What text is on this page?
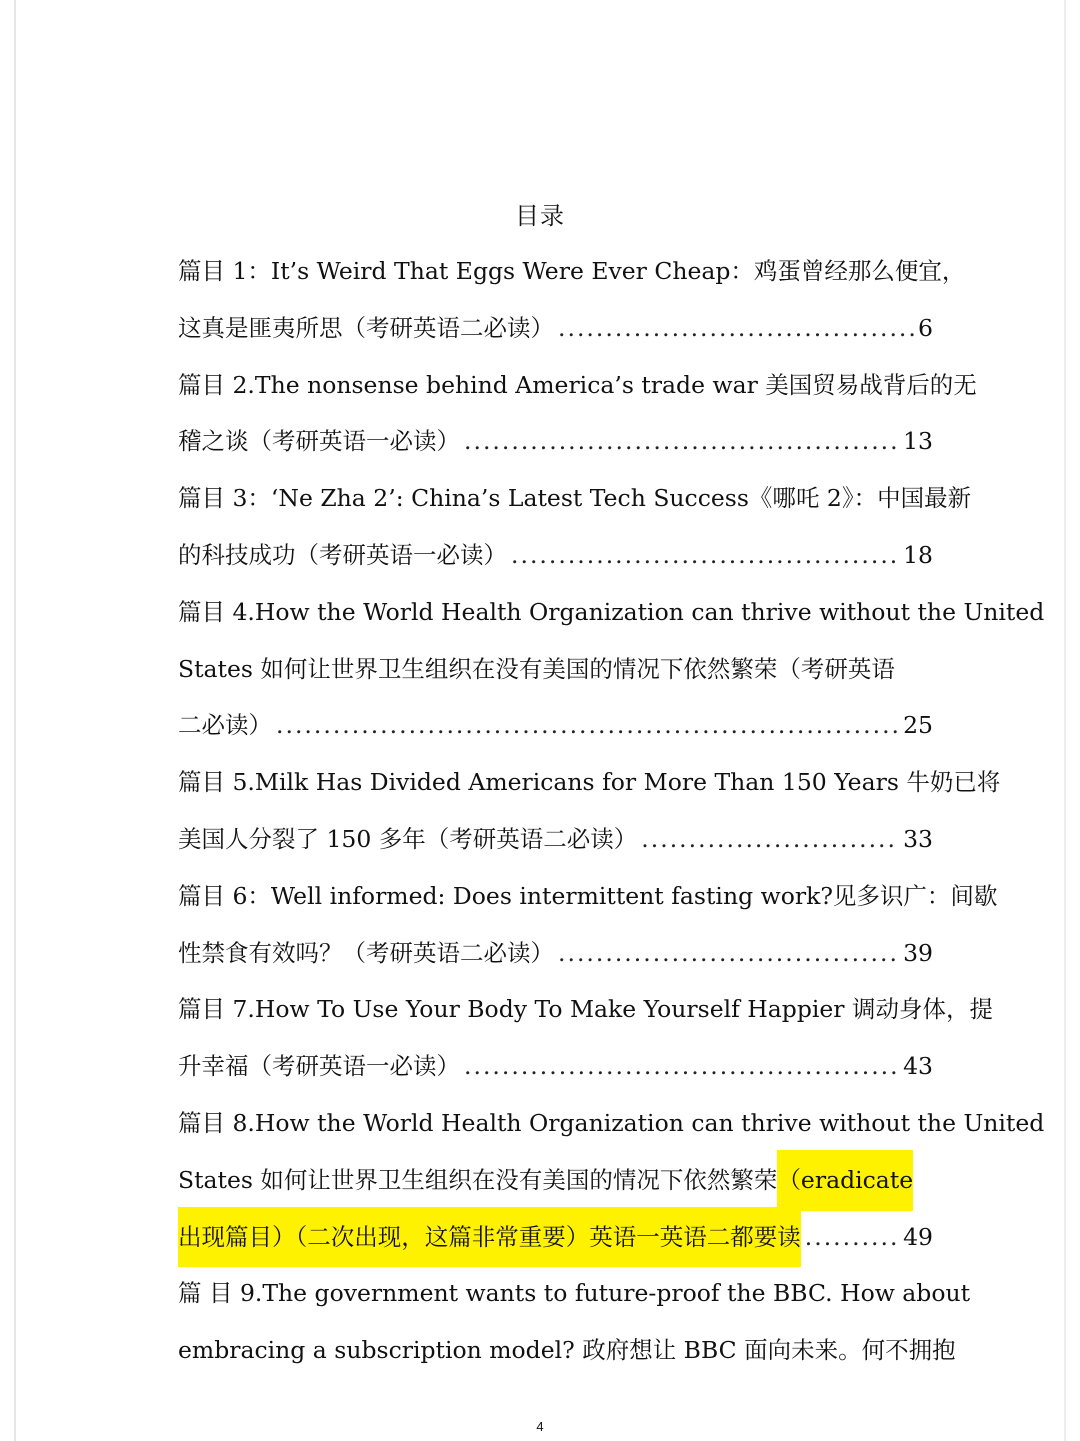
目录
篇目 1：It’s Weird That Eggs Were Ever Cheap：鸡蛋曾经那么便宜，
这真是匪夷所思（考研英语二必读） .....	6
篇目 2.The nonsense behind America’s trade war 美国贸易战背后的无
稽之谈（考研英语一必读） .....	13
篇目 3：‘Ne Zha 2’: China’s Latest Tech Success《哪吒 2》：中国最新
的科技成功（考研英语一必读） .....	18
篇目 4.How the World Health Organization can thrive without the United
States 如何让世界卫生组织在没有美国的情况下依然繁荣（考研英语
二必读） .....	25
篇目 5.Milk Has Divided Americans for More Than 150 Years 牛奶已将
美国人分裂了 150 多年（考研英语二必读） .....	33
篇目 6：Well informed: Does intermittent fasting work?见多识广：间歇
性禁食有效吗？（考研英语二必读） .....	39
篇目 7.How To Use Your Body To Make Yourself Happier 调动身体，提
升幸福（考研英语一必读） .....	43
篇目 8.How the World Health Organization can thrive without the United
States 如何让世界卫生组织在没有美国的情况下依然繁荣 （eradicate
出现篇目）（二次出现，这篇非常重要）英语一英语二都要读 .....	49
篇 目 9.The government wants to future-proof the BBC. How about
embracing a subscription model? 政府想让 BBC 面向未来。何不拥抱
4
